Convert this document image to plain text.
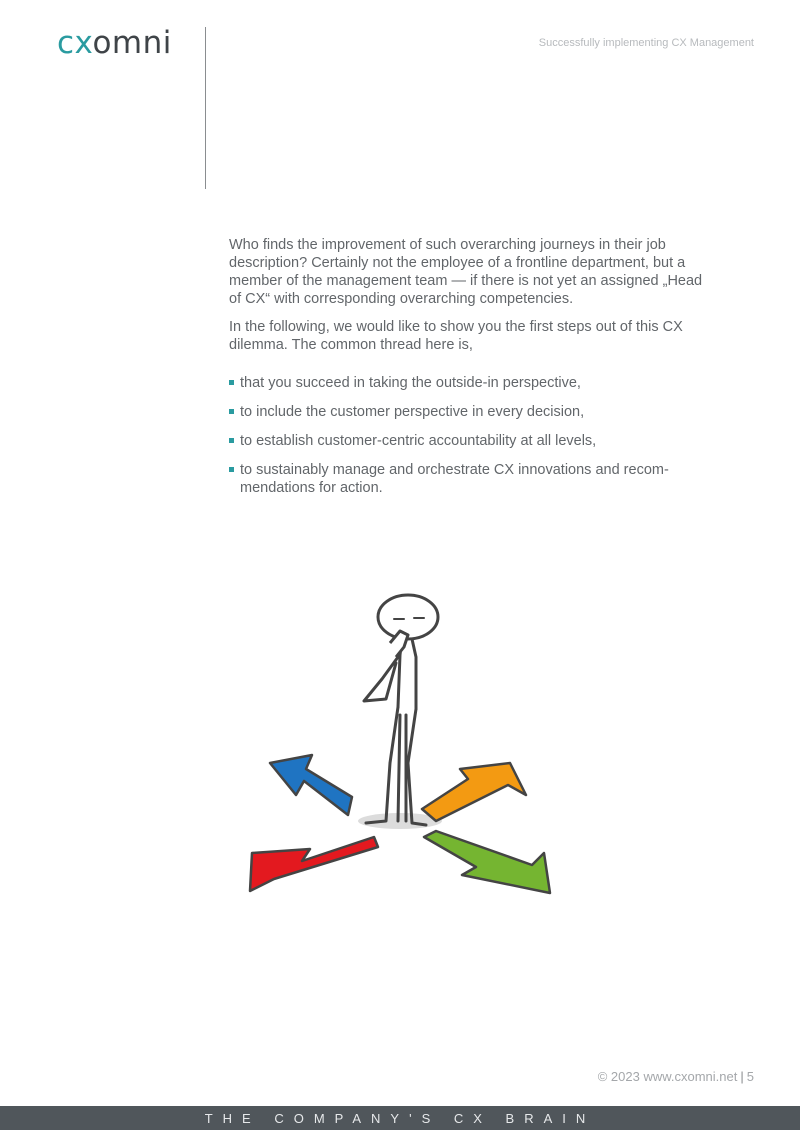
cxomni	Successfully implementing CX Management

Who finds the improvement of such overarching journeys in their job description? Certainly not the employee of a frontline department, but a member of the management team — if there is not yet an assigned „Head of CX“ with corresponding overarching competencies.

In the following, we would like to show you the first steps out of this CX dilemma. The common thread here is,

that you succeed in taking the outside-in perspective,
to include the customer perspective in every decision,
to establish customer-centric accountability at all levels,
to sustainably manage and orchestrate CX innovations and recom-mendations for action.
© 2023 www.cxomni.net | 5
THE COMPANY'S CX BRAIN
